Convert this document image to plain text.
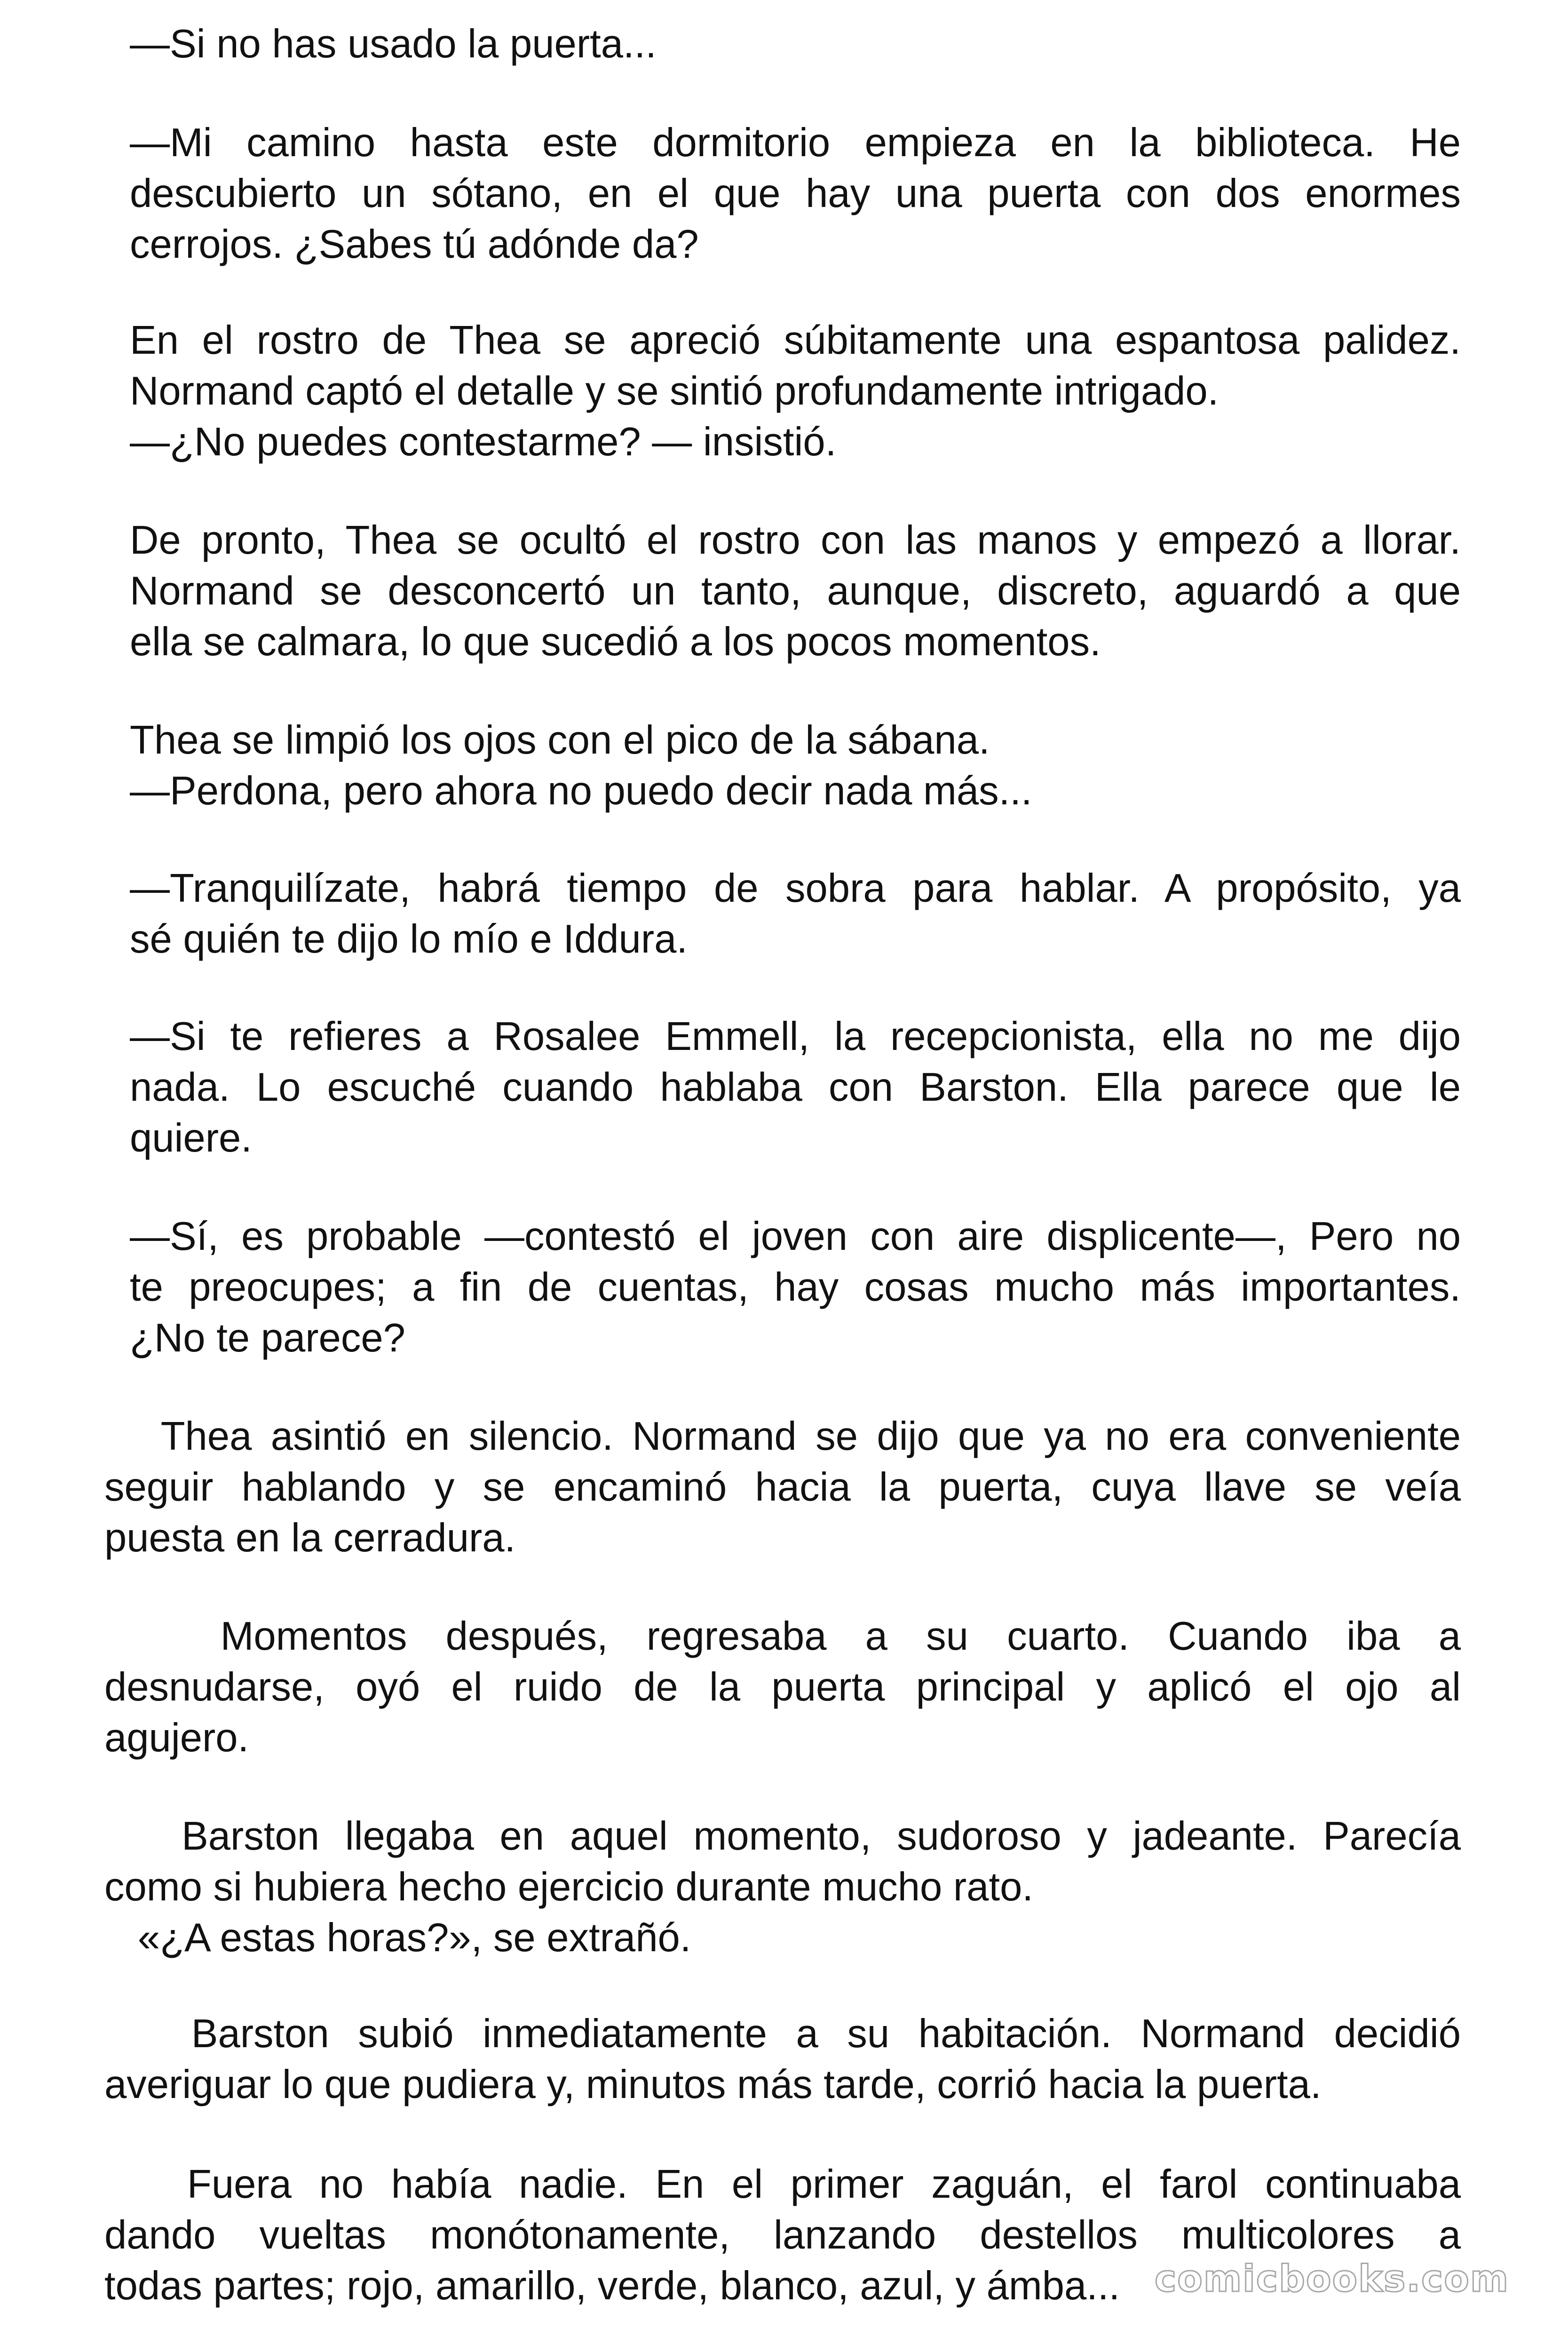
—Si no has usado la puerta...

—Mi camino hasta este dormitorio empieza en la biblioteca. He
descubierto un sótano, en el que hay una puerta con dos enormes
cerrojos. ¿Sabes tú adónde da?

En el rostro de Thea se apreció súbitamente una espantosa palidez.
Normand captó el detalle y se sintió profundamente intrigado.
—¿No puedes contestarme? — insistió.

De pronto, Thea se ocultó el rostro con las manos y empezó a llorar.
Normand se desconcertó un tanto, aunque, discreto, aguardó a que
ella se calmara, lo que sucedió a los pocos momentos.

Thea se limpió los ojos con el pico de la sábana.
—Perdona, pero ahora no puedo decir nada más...

—Tranquilízate, habrá tiempo de sobra para hablar. A propósito, ya
sé quién te dijo lo mío e Iddura.

—Si te refieres a Rosalee Emmell, la recepcionista, ella no me dijo
nada. Lo escuché cuando hablaba con Barston. Ella parece que le
quiere.

—Sí, es probable —contestó el joven con aire displicente—, Pero no
te preocupes; a fin de cuentas, hay cosas mucho más importantes.
¿No te parece?

Thea asintió en silencio. Normand se dijo que ya no era conveniente
seguir hablando y se encaminó hacia la puerta, cuya llave se veía
puesta en la cerradura.

Momentos después, regresaba a su cuarto. Cuando iba a
desnudarse, oyó el ruido de la puerta principal y aplicó el ojo al
agujero.

Barston llegaba en aquel momento, sudoroso y jadeante. Parecía
como si hubiera hecho ejercicio durante mucho rato.
«¿A estas horas?», se extrañó.

Barston subió inmediatamente a su habitación. Normand decidió
averiguar lo que pudiera y, minutos más tarde, corrió hacia la puerta.

Fuera no había nadie. En el primer zaguán, el farol continuaba
dando vueltas monótonamente, lanzando destellos multicolores a
todas partes; rojo, amarillo, verde, blanco, azul, y ámba... comicbooks.com
